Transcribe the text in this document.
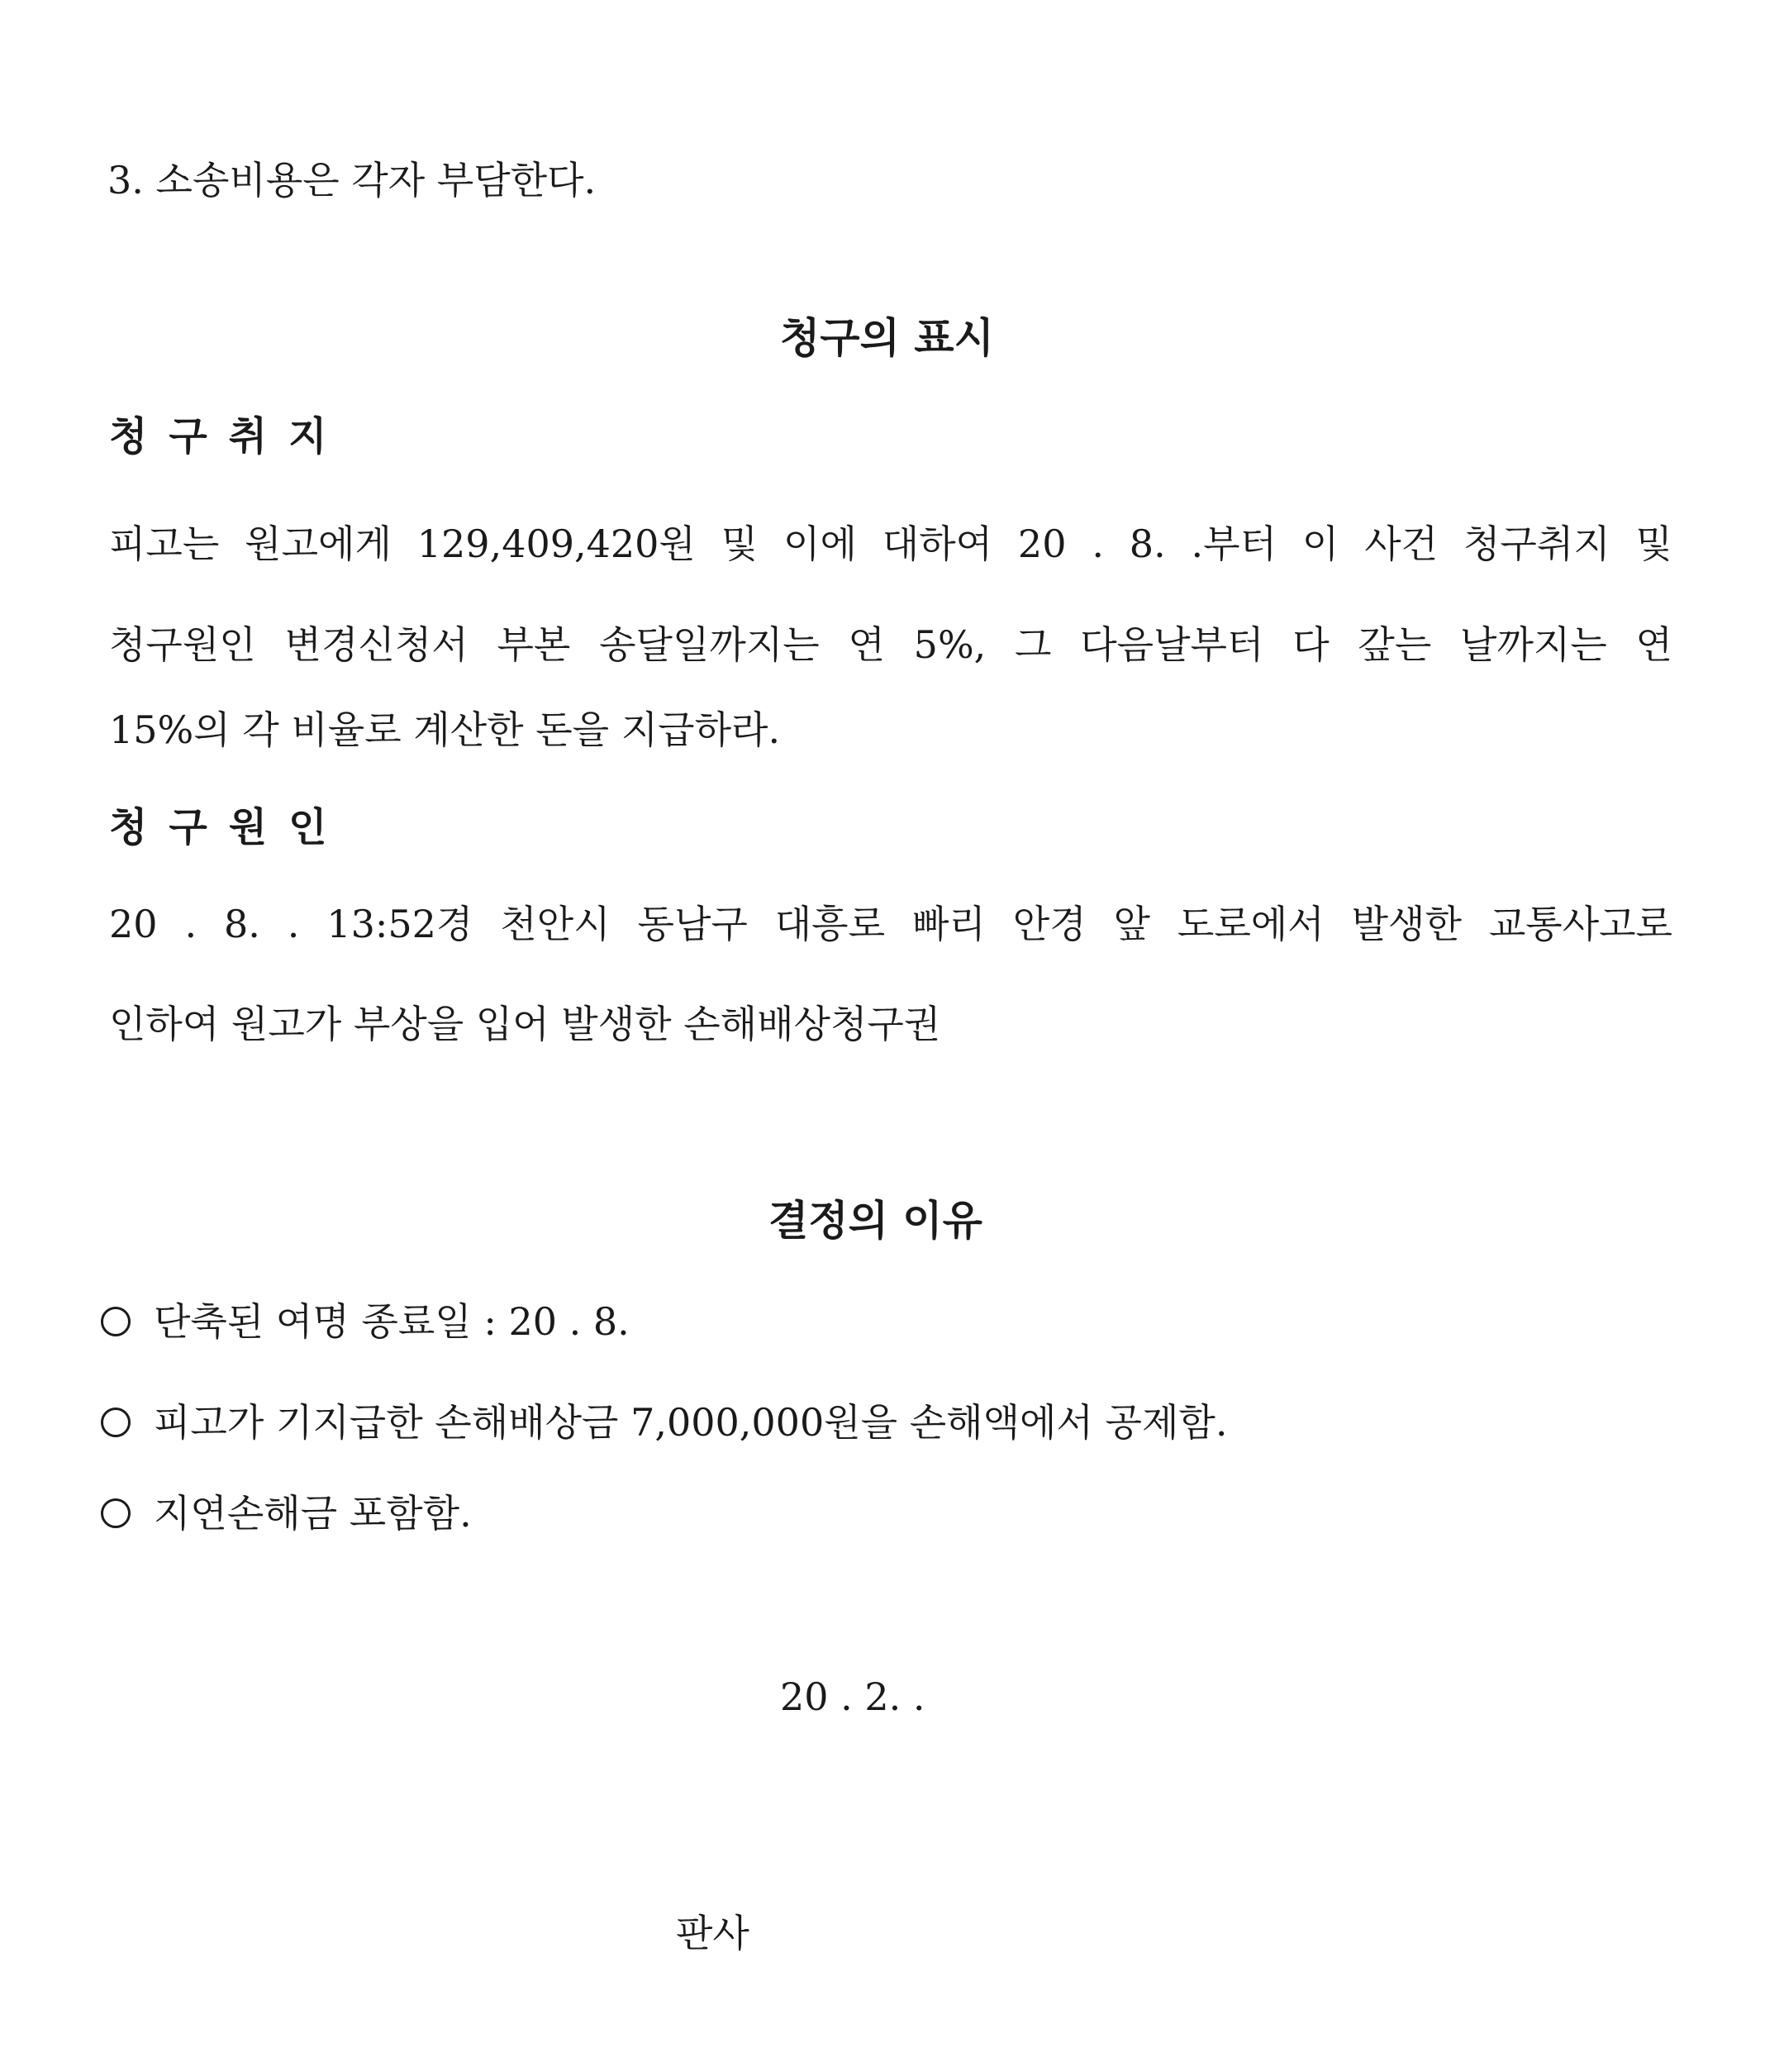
3. 소송비용은 각자 부담한다.
청구의 표시
청구취지
피고는 원고에게 129,409,420원 및 이에 대하여 20 . 8. .부터 이 사건 청구취지 및
청구원인 변경신청서 부본 송달일까지는 연 5%, 그 다음날부터 다 갚는 날까지는 연
15%의 각 비율로 계산한 돈을 지급하라.
청구원인
20 . 8. . 13:52경 천안시 동남구 대흥로 빠리 안경 앞 도로에서 발생한 교통사고로
인하여 원고가 부상을 입어 발생한 손해배상청구권
결정의 이유
단축된 여명 종료일 : 20 . 8.
피고가 기지급한 손해배상금 7,000,000원을 손해액에서 공제함.
지연손해금 포함함.
20 . 2. .
판사
